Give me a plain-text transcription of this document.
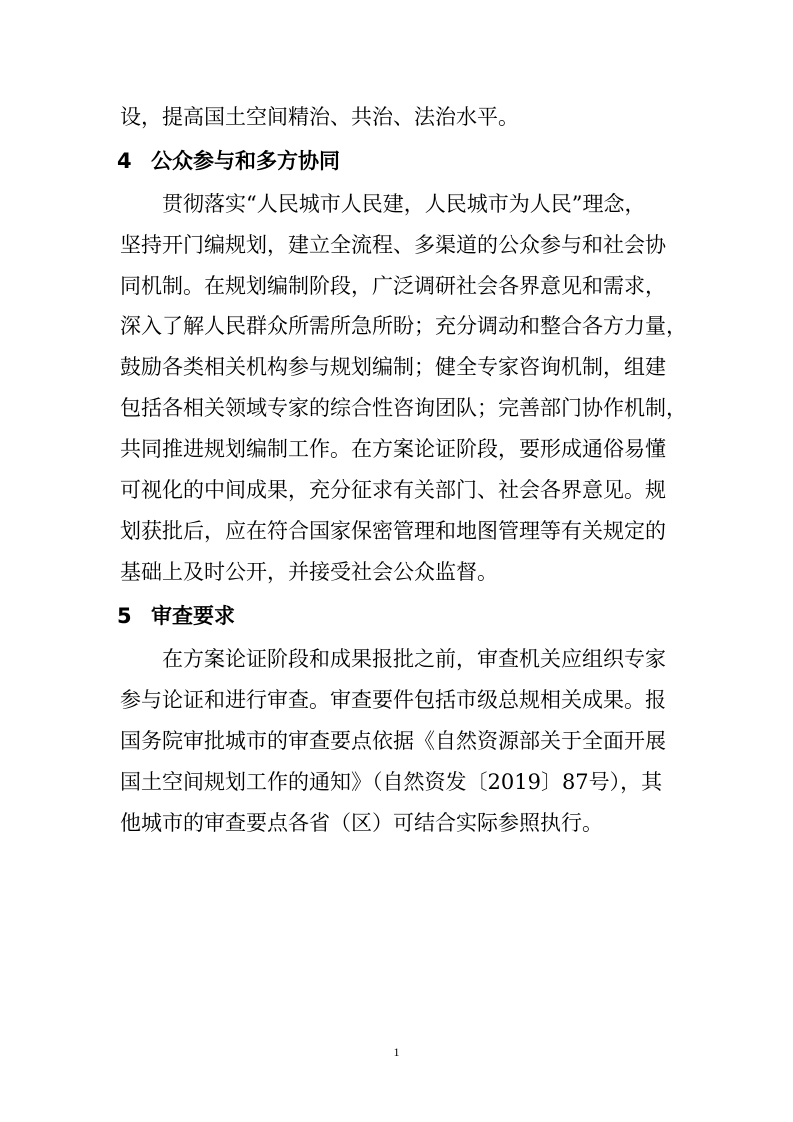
设，提高国土空间精治、共治、法治水平。
4 公众参与和多方协同
贯彻落实“人民城市人民建，人民城市为人民”理念，
坚持开门编规划，建立全流程、多渠道的公众参与和社会协
同机制。在规划编制阶段，广泛调研社会各界意见和需求，
深入了解人民群众所需所急所盼；充分调动和整合各方力量，
鼓励各类相关机构参与规划编制；健全专家咨询机制，组建
包括各相关领域专家的综合性咨询团队；完善部门协作机制，
共同推进规划编制工作。在方案论证阶段，要形成通俗易懂
可视化的中间成果，充分征求有关部门、社会各界意见。规
划获批后，应在符合国家保密管理和地图管理等有关规定的
基础上及时公开，并接受社会公众监督。
5 审查要求
在方案论证阶段和成果报批之前，审查机关应组织专家
参与论证和进行审查。审查要件包括市级总规相关成果。报
国务院审批城市的审查要点依据《自然资源部关于全面开展
国土空间规划工作的通知》（自然资发〔2019〕87号），其
他城市的审查要点各省（区）可结合实际参照执行。
1
